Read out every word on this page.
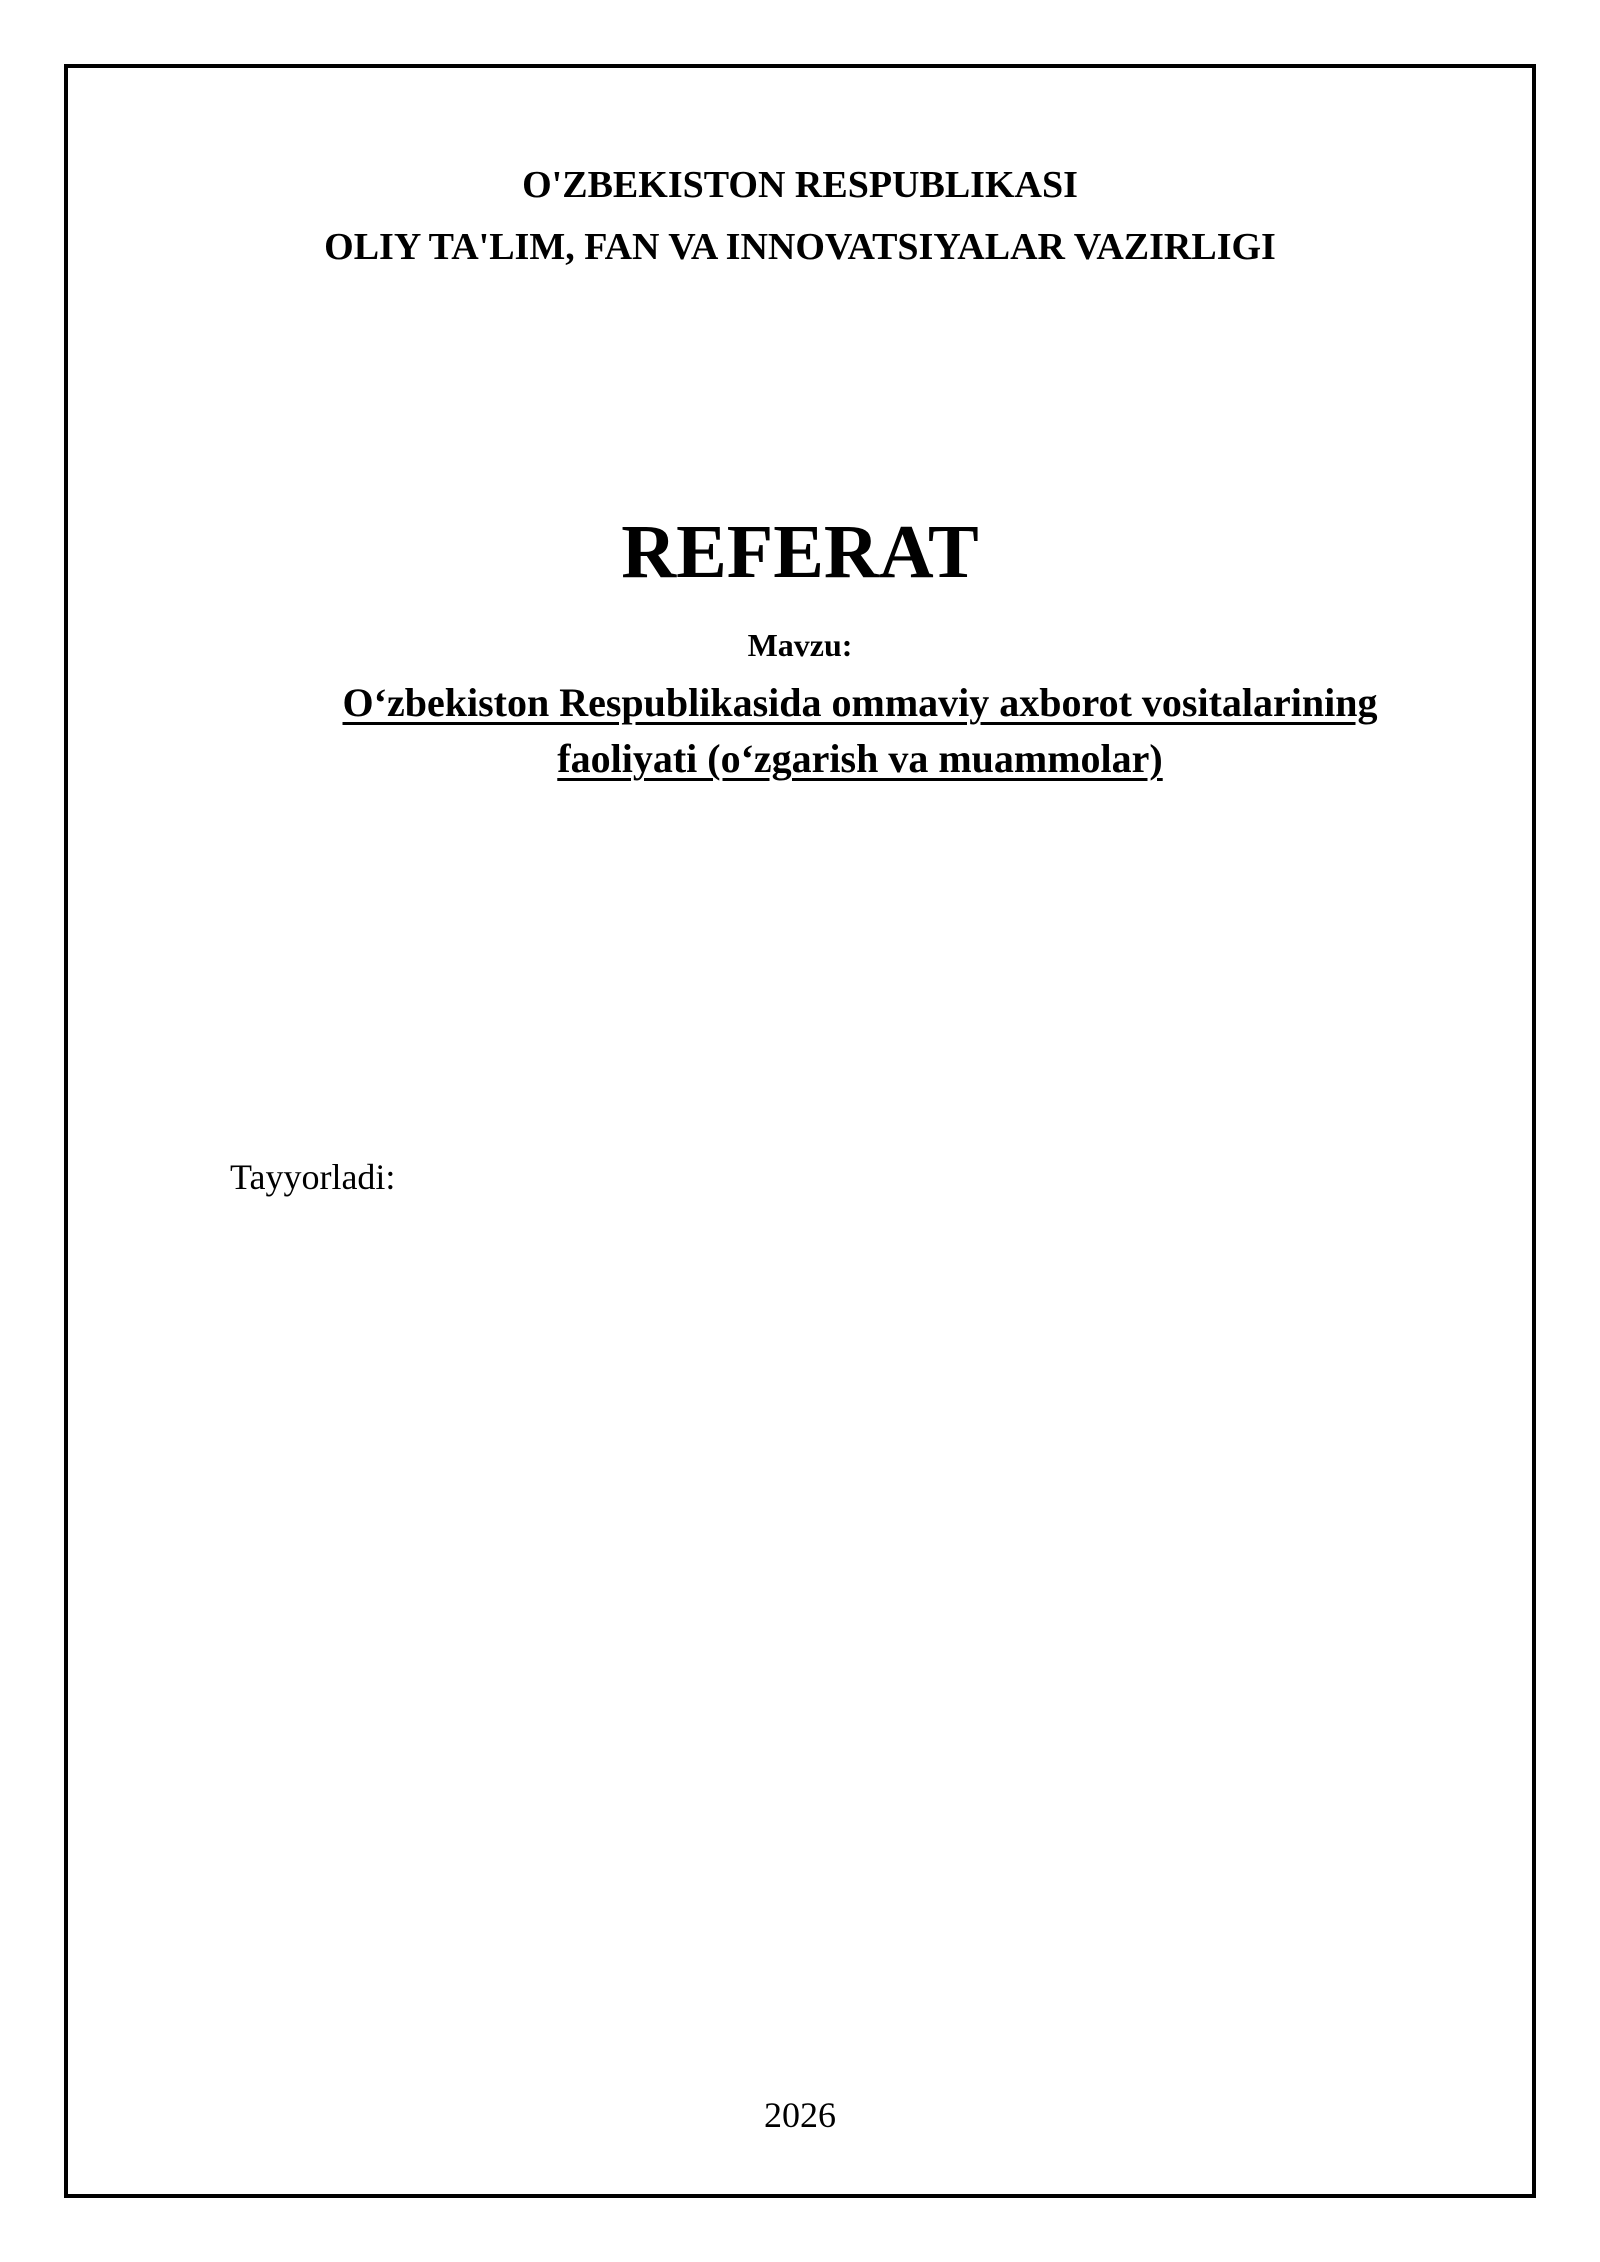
O'ZBEKISTON RESPUBLIKASI
OLIY TA'LIM, FAN VA INNOVATSIYALAR VAZIRLIGI
REFERAT
Mavzu:
O‘zbekiston Respublikasida ommaviy axborot vositalarining
faoliyati (o‘zgarish va muammolar)
Tayyorladi:
2026
